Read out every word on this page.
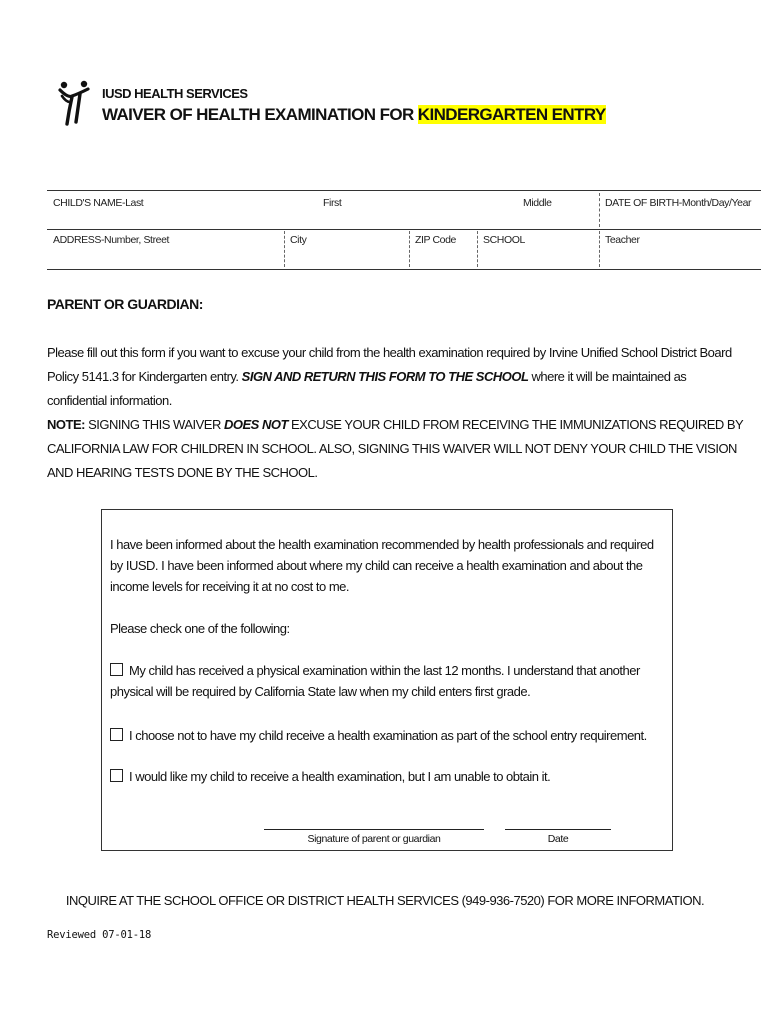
IUSD HEALTH SERVICES
WAIVER OF HEALTH EXAMINATION FOR KINDERGARTEN ENTRY
CHILD'S NAME-Last	First	Middle	DATE OF BIRTH-Month/Day/Year
ADDRESS-Number, Street	City	ZIP Code	SCHOOL	Teacher
PARENT OR GUARDIAN:
Please fill out this form if you want to excuse your child from the health examination required by Irvine Unified School District Board Policy 5141.3 for Kindergarten entry. SIGN AND RETURN THIS FORM TO THE SCHOOL where it will be maintained as confidential information.
NOTE: SIGNING THIS WAIVER DOES NOT EXCUSE YOUR CHILD FROM RECEIVING THE IMMUNIZATIONS REQUIRED BY CALIFORNIA LAW FOR CHILDREN IN SCHOOL. ALSO, SIGNING THIS WAIVER WILL NOT DENY YOUR CHILD THE VISION AND HEARING TESTS DONE BY THE SCHOOL.
I have been informed about the health examination recommended by health professionals and required by IUSD. I have been informed about where my child can receive a health examination and about the income levels for receiving it at no cost to me.
Please check one of the following:
My child has received a physical examination within the last 12 months. I understand that another physical will be required by California State law when my child enters first grade.
I choose not to have my child receive a health examination as part of the school entry requirement.
I would like my child to receive a health examination, but I am unable to obtain it.
Signature of parent or guardian	Date
INQUIRE AT THE SCHOOL OFFICE OR DISTRICT HEALTH SERVICES (949-936-7520) FOR MORE INFORMATION.
Reviewed 07-01-18
